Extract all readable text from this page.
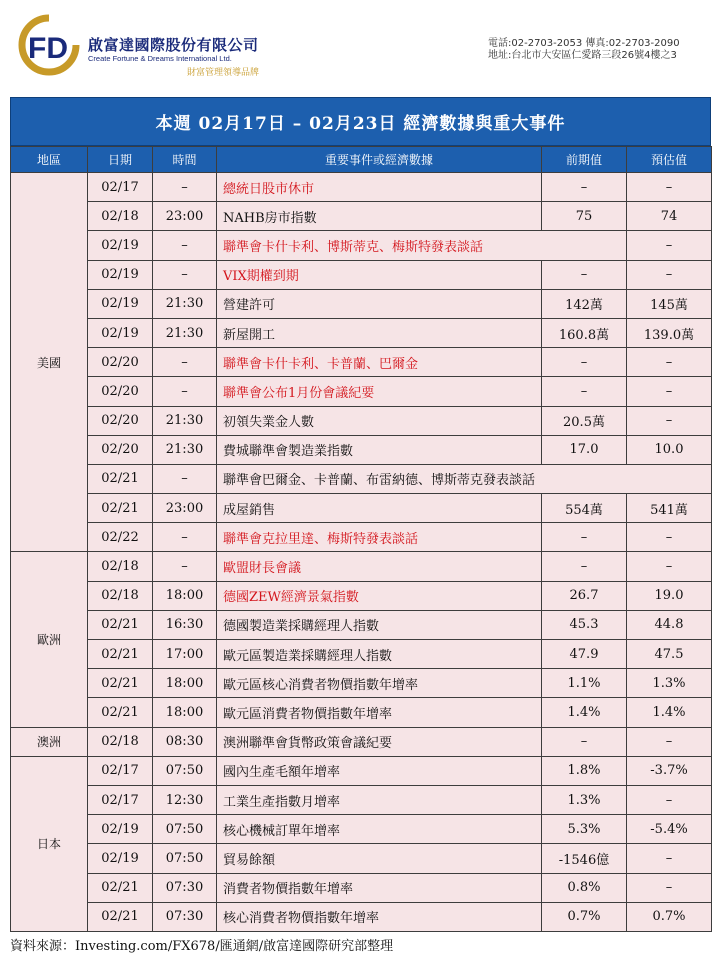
FD 啟富達國際股份有限公司
Create Fortune & Dreams International Ltd.
財富管理領導品牌
電話:02-2703-2053 傳真:02-2703-2090
地址:台北市大安區仁愛路三段26號4樓之3
本週 02月17日 – 02月23日 經濟數據與重大事件
地區	日期	時間	重要事件或經濟數據	前期值	預估值
美國	02/17	–	總統日股市休市	–	–
	02/18	23:00	NAHB房市指數	75	74
	02/19	–	聯準會卡什卡利、博斯蒂克、梅斯特發表談話		–
	02/19	–	VIX期權到期	–	–
	02/19	21:30	營建許可	142萬	145萬
	02/19	21:30	新屋開工	160.8萬	139.0萬
	02/20	–	聯準會卡什卡利、卡普蘭、巴爾金	–	–
	02/20	–	聯準會公布1月份會議紀要	–	–
	02/20	21:30	初領失業金人數	20.5萬	–
	02/20	21:30	費城聯準會製造業指數	17.0	10.0
	02/21	–	聯準會巴爾金、卡普蘭、布雷納德、博斯蒂克發表談話		
	02/21	23:00	成屋銷售	554萬	541萬
	02/22	–	聯準會克拉里達、梅斯特發表談話	–	–
歐洲	02/18	–	歐盟財長會議	–	–
	02/18	18:00	德國ZEW經濟景氣指數	26.7	19.0
	02/21	16:30	德國製造業採購經理人指數	45.3	44.8
	02/21	17:00	歐元區製造業採購經理人指數	47.9	47.5
	02/21	18:00	歐元區核心消費者物價指數年增率	1.1%	1.3%
	02/21	18:00	歐元區消費者物價指數年增率	1.4%	1.4%
澳洲	02/18	08:30	澳洲聯準會貨幣政策會議紀要	–	–
日本	02/17	07:50	國內生產毛額年增率	1.8%	-3.7%
	02/17	12:30	工業生產指數月增率	1.3%	–
	02/19	07:50	核心機械訂單年增率	5.3%	-5.4%
	02/19	07:50	貿易餘額	-1546億	–
	02/21	07:30	消費者物價指數年增率	0.8%	–
	02/21	07:30	核心消費者物價指數年增率	0.7%	0.7%
資料來源：Investing.com/FX678/匯通網/啟富達國際研究部整理
